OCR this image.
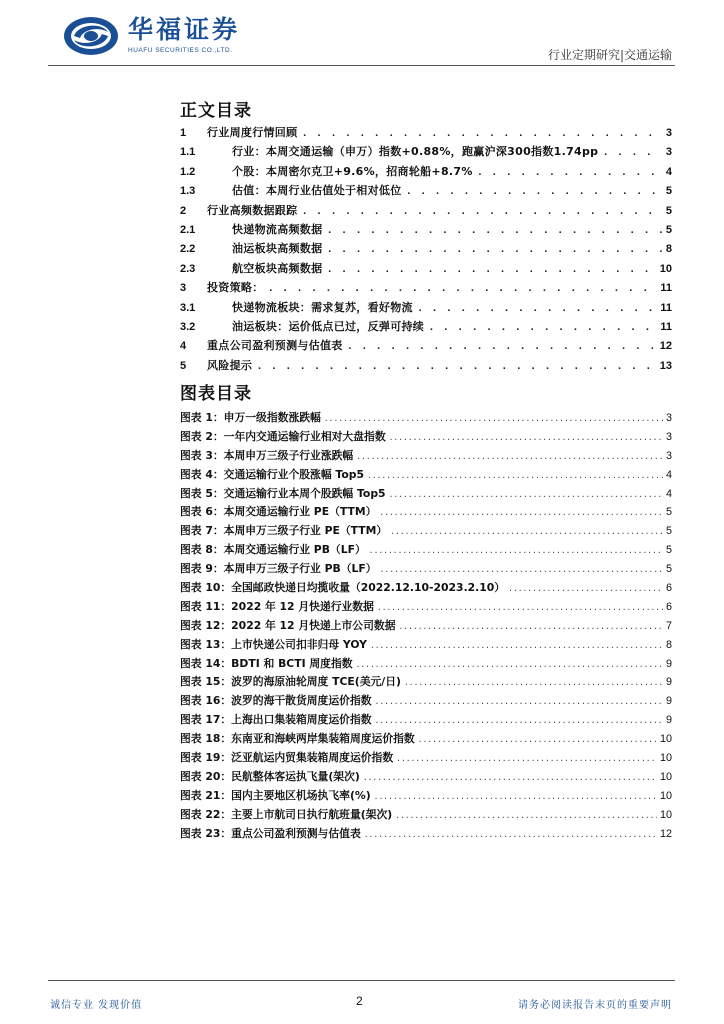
华福证券
HUAFU SECURITIES CO.,LTD.	行业定期研究|交通运输
正文目录
1	行业周度行情回顾 . . .	3
1.1	行业：本周交通运输（申万）指数+0.88%，跑赢沪深300指数1.74pp . . .	3
1.2	个股：本周密尔克卫+9.6%，招商轮船+8.7% . . .	4
1.3	估值：本周行业估值处于相对低位 . . .	5
2	行业高频数据跟踪 . . .	5
2.1	快递物流高频数据 . . .	5
2.2	油运板块高频数据 . . .	8
2.3	航空板块高频数据 . . .	10
3	投资策略： . . .	11
3.1	快递物流板块：需求复苏，看好物流 . . .	11
3.2	油运板块：运价低点已过，反弹可持续 . . .	11
4	重点公司盈利预测与估值表 . . .	12
5	风险提示 . . .	13
图表目录
图表 1：申万一级指数涨跌幅 .....	3
图表 2：一年内交通运输行业相对大盘指数 .....	3
图表 3：本周申万三级子行业涨跌幅 .....	3
图表 4：交通运输行业个股涨幅 Top5 .....	4
图表 5：交通运输行业本周个股跌幅 Top5 .....	4
图表 6：本周交通运输行业 PE（TTM） .....	5
图表 7：本周申万三级子行业 PE（TTM） .....	5
图表 8：本周交通运输行业 PB（LF） .....	5
图表 9：本周申万三级子行业 PB（LF） .....	5
图表 10：全国邮政快递日均揽收量（2022.12.10-2023.2.10） .....	6
图表 11：2022 年 12 月快递行业数据 .....	6
图表 12：2022 年 12 月快递上市公司数据 .....	7
图表 13：上市快递公司扣非归母 YOY .....	8
图表 14：BDTI 和 BCTI 周度指数 .....	9
图表 15：波罗的海原油轮周度 TCE(美元/日) .....	9
图表 16：波罗的海干散货周度运价指数 .....	9
图表 17：上海出口集装箱周度运价指数 .....	9
图表 18：东南亚和海峡两岸集装箱周度运价指数 .....	10
图表 19：泛亚航运内贸集装箱周度运价指数 .....	10
图表 20：民航整体客运执飞量(架次) .....	10
图表 21：国内主要地区机场执飞率(%) .....	10
图表 22：主要上市航司日执行航班量(架次) .....	10
图表 23：重点公司盈利预测与估值表 .....	12
诚信专业 发现价值	2	请务必阅读报告末页的重要声明
